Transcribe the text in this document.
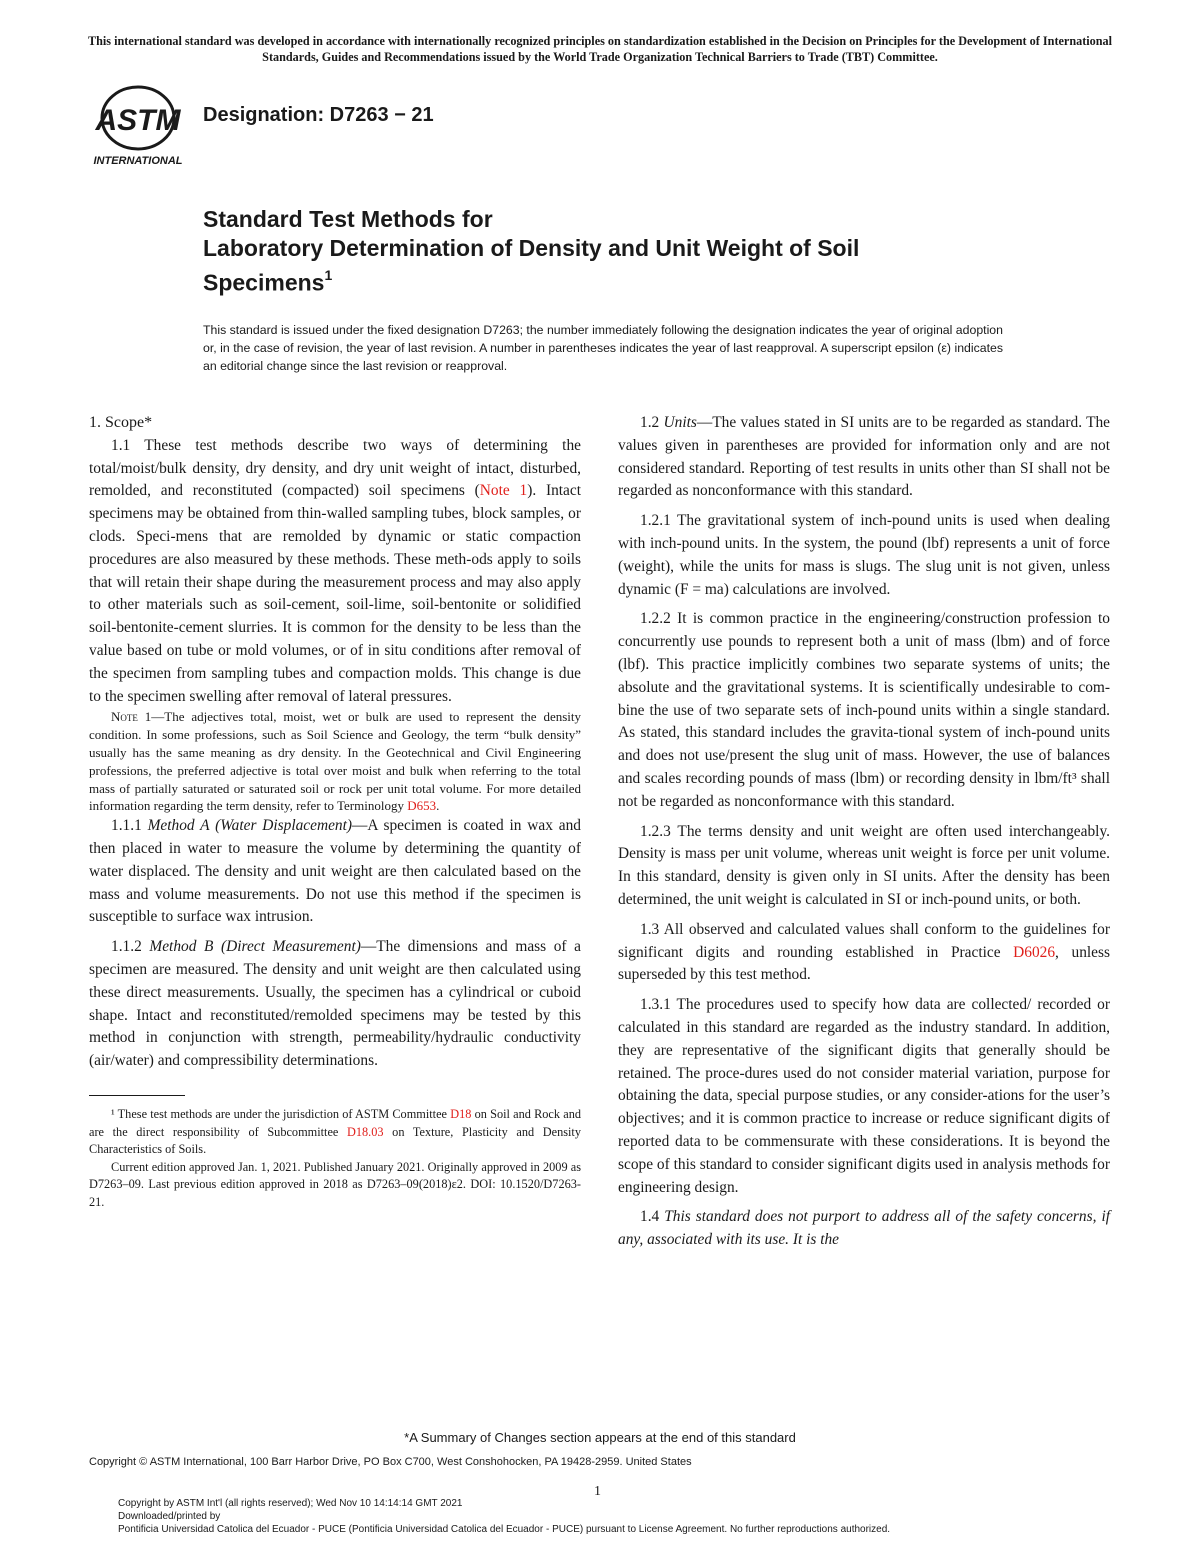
This international standard was developed in accordance with internationally recognized principles on standardization established in the Decision on Principles for the Development of International Standards, Guides and Recommendations issued by the World Trade Organization Technical Barriers to Trade (TBT) Committee.
ASTM
INTERNATIONAL
Designation: D7263 − 21
Standard Test Methods for
Laboratory Determination of Density and Unit Weight of Soil
Specimens$^1$
This standard is issued under the fixed designation D7263; the number immediately following the designation indicates the year of original adoption or, in the case of revision, the year of last revision. A number in parentheses indicates the year of last reapproval. A superscript epsilon (ε) indicates an editorial change since the last revision or reapproval.

1. Scope*

1.1 These test methods describe two ways of determining the total/moist/bulk density, dry density, and dry unit weight of intact, disturbed, remolded, and reconstituted (compacted) soil specimens (Note 1). Intact specimens may be obtained from thin-walled sampling tubes, block samples, or clods. Speci-mens that are remolded by dynamic or static compaction procedures are also measured by these methods. These meth-ods apply to soils that will retain their shape during the measurement process and may also apply to other materials such as soil-cement, soil-lime, soil-bentonite or solidified soil-bentonite-cement slurries. It is common for the density to be less than the value based on tube or mold volumes, or of in situ conditions after removal of the specimen from sampling tubes and compaction molds. This change is due to the specimen swelling after removal of lateral pressures.

Note 1—The adjectives total, moist, wet or bulk are used to represent the density condition. In some professions, such as Soil Science and Geology, the term “bulk density” usually has the same meaning as dry density. In the Geotechnical and Civil Engineering professions, the preferred adjective is total over moist and bulk when referring to the total mass of partially saturated or saturated soil or rock per unit total volume. For more detailed information regarding the term density, refer to Terminology D653.

1.1.1 Method A (Water Displacement)—A specimen is coated in wax and then placed in water to measure the volume by determining the quantity of water displaced. The density and unit weight are then calculated based on the mass and volume measurements. Do not use this method if the specimen is susceptible to surface wax intrusion.

1.1.2 Method B (Direct Measurement)—The dimensions and mass of a specimen are measured. The density and unit weight are then calculated using these direct measurements. Usually, the specimen has a cylindrical or cuboid shape. Intact and reconstituted/remolded specimens may be tested by this method in conjunction with strength, permeability/hydraulic conductivity (air/water) and compressibility determinations.

¹ These test methods are under the jurisdiction of ASTM Committee D18 on Soil and Rock and are the direct responsibility of Subcommittee D18.03 on Texture, Plasticity and Density Characteristics of Soils.

Current edition approved Jan. 1, 2021. Published January 2021. Originally approved in 2009 as D7263–09. Last previous edition approved in 2018 as D7263–09(2018)ε2. DOI: 10.1520/D7263-21.

1.2 Units—The values stated in SI units are to be regarded as standard. The values given in parentheses are provided for information only and are not considered standard. Reporting of test results in units other than SI shall not be regarded as nonconformance with this standard.

1.2.1 The gravitational system of inch-pound units is used when dealing with inch-pound units. In the system, the pound (lbf) represents a unit of force (weight), while the units for mass is slugs. The slug unit is not given, unless dynamic (F = ma) calculations are involved.

1.2.2 It is common practice in the engineering/construction profession to concurrently use pounds to represent both a unit of mass (lbm) and of force (lbf). This practice implicitly combines two separate systems of units; the absolute and the gravitational systems. It is scientifically undesirable to com-bine the use of two separate sets of inch-pound units within a single standard. As stated, this standard includes the gravita-tional system of inch-pound units and does not use/present the slug unit of mass. However, the use of balances and scales recording pounds of mass (lbm) or recording density in lbm/ft³ shall not be regarded as nonconformance with this standard.

1.2.3 The terms density and unit weight are often used interchangeably. Density is mass per unit volume, whereas unit weight is force per unit volume. In this standard, density is given only in SI units. After the density has been determined, the unit weight is calculated in SI or inch-pound units, or both.

1.3 All observed and calculated values shall conform to the guidelines for significant digits and rounding established in Practice D6026, unless superseded by this test method.

1.3.1 The procedures used to specify how data are collected/ recorded or calculated in this standard are regarded as the industry standard. In addition, they are representative of the significant digits that generally should be retained. The proce-dures used do not consider material variation, purpose for obtaining the data, special purpose studies, or any consider-ations for the user’s objectives; and it is common practice to increase or reduce significant digits of reported data to be commensurate with these considerations. It is beyond the scope of this standard to consider significant digits used in analysis methods for engineering design.

1.4 This standard does not purport to address all of the safety concerns, if any, associated with its use. It is the

*A Summary of Changes section appears at the end of this standard
Copyright © ASTM International, 100 Barr Harbor Drive, PO Box C700, West Conshohocken, PA 19428-2959. United States
1
Copyright by ASTM Int'l (all rights reserved); Wed Nov 10 14:14:14 GMT 2021
Downloaded/printed by
Pontificia Universidad Catolica del Ecuador - PUCE (Pontificia Universidad Catolica del Ecuador - PUCE) pursuant to License Agreement. No further reproductions authorized.
